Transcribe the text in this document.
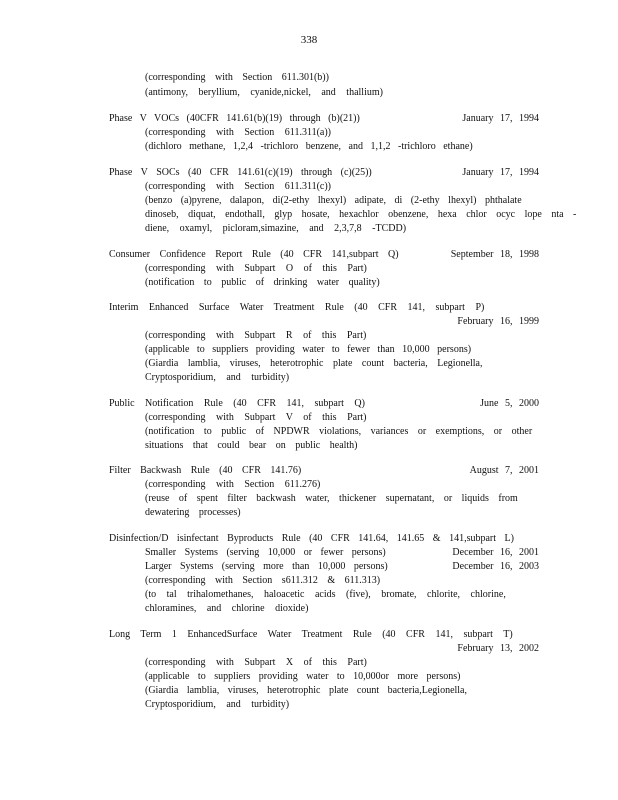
338
(corresponding with Section 611.301(b))
(antimony, beryllium, cyanide,nickel, and thallium)
Phase V VOCs (40CFR 141.61(b)(19) through (b)(21))	January 17, 1994
(corresponding with Section 611.311(a))
(dichloro methane, 1,2,4 -trichloro benzene, and 1,1,2 -trichloro ethane)
Phase V SOCs (40 CFR 141.61(c)(19) through (c)(25))	January 17, 1994
(corresponding with Section 611.311(c))
(benzo (a)pyrene, dalapon, di(2-ethy lhexyl) adipate, di (2-ethy lhexyl) phthalate
dinoseb, diquat, endothall, glyp hosate, hexachlor obenzene, hexa chlor ocyc lope nta -
diene, oxamyl, picloram,simazine, and 2,3,7,8 -TCDD)
Consumer Confidence Report Rule (40 CFR 141,subpart Q)	September 18, 1998
(corresponding with Subpart O of this Part)
(notification to public of drinking water quality)
Interim Enhanced Surface Water Treatment Rule (40 CFR 141, subpart P)
February 16, 1999
(corresponding with Subpart R of this Part)
(applicable to suppliers providing water to fewer than 10,000 persons)
(Giardia lamblia, viruses, heterotrophic plate count bacteria, Legionella,
Cryptosporidium, and turbidity)
Public Notification Rule (40 CFR 141, subpart Q)	June 5, 2000
(corresponding with Subpart V of this Part)
(notification to public of NPDWR violations, variances or exemptions, or other
situations that could bear on public health)
Filter Backwash Rule (40 CFR 141.76)	August 7, 2001
(corresponding with Section 611.276)
(reuse of spent filter backwash water, thickener supernatant, or liquids from
dewatering processes)
Disinfection/D isinfectant Byproducts Rule (40 CFR 141.64, 141.65 & 141,subpart L)
Smaller Systems (serving 10,000 or fewer persons)	December 16, 2001
Larger Systems (serving more than 10,000 persons)	December 16, 2003
(corresponding with Section s611.312 & 611.313)
(to tal trihalomethanes, haloacetic acids (five), bromate, chlorite, chlorine,
chloramines, and chlorine dioxide)
Long Term 1 EnhancedSurface Water Treatment Rule (40 CFR 141, subpart T)
February 13, 2002
(corresponding with Subpart X of this Part)
(applicable to suppliers providing water to 10,000or more persons)
(Giardia lamblia, viruses, heterotrophic plate count bacteria,Legionella,
Cryptosporidium, and turbidity)
